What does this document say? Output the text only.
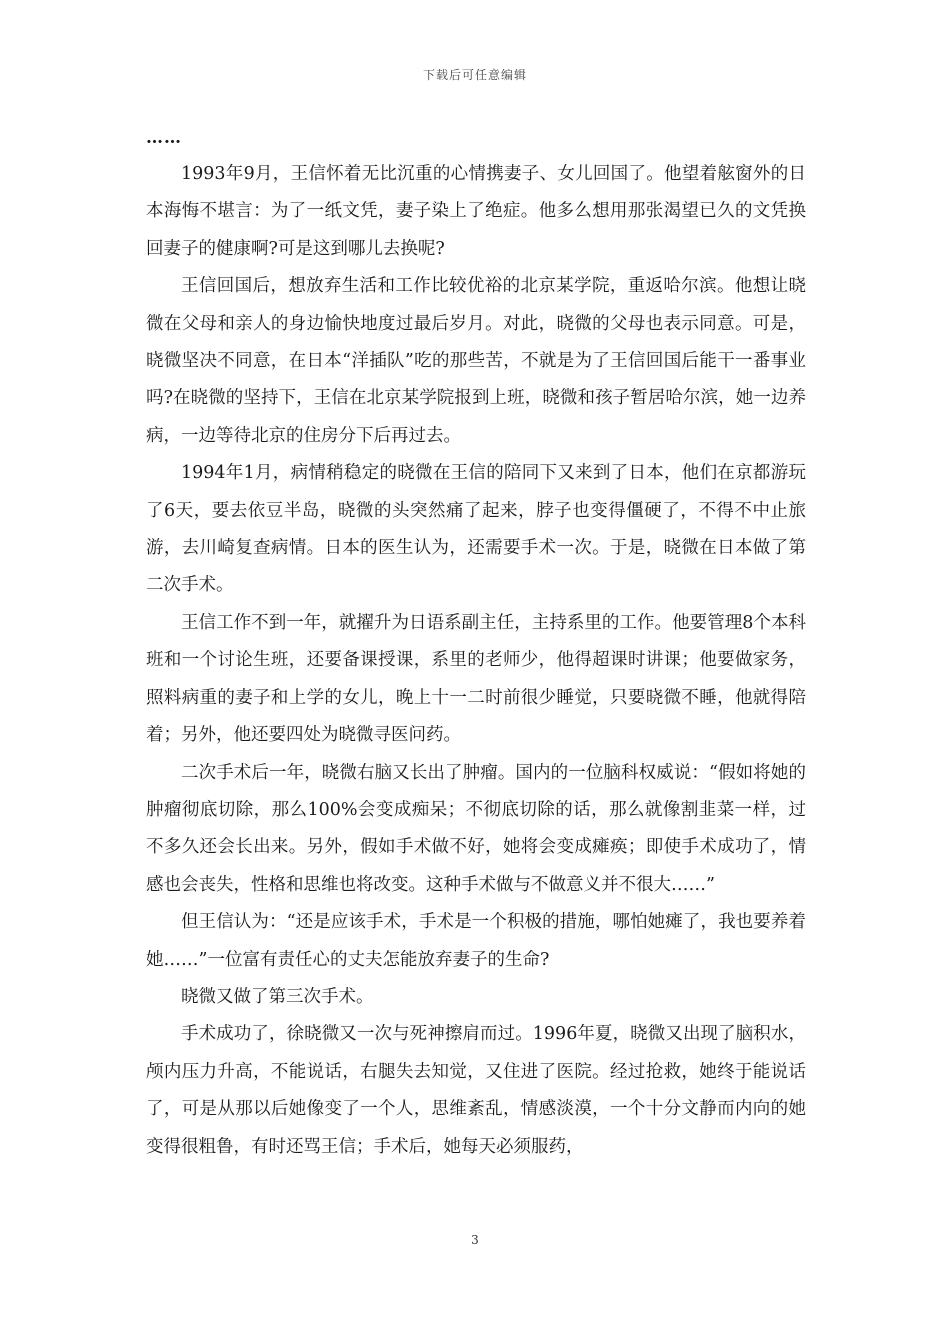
下载后可任意编辑

……

1993年9月，王信怀着无比沉重的心情携妻子、女儿回国了。他望着舷窗外的日本海悔不堪言：为了一纸文凭，妻子染上了绝症。他多么想用那张渴望已久的文凭换回妻子的健康啊?可是这到哪儿去换呢?

王信回国后，想放弃生活和工作比较优裕的北京某学院，重返哈尔滨。他想让晓微在父母和亲人的身边愉快地度过最后岁月。对此，晓微的父母也表示同意。可是，晓微坚决不同意，在日本“洋插队”吃的那些苦，不就是为了王信回国后能干一番事业吗?在晓微的坚持下，王信在北京某学院报到上班，晓微和孩子暂居哈尔滨，她一边养病，一边等待北京的住房分下后再过去。

1994年1月，病情稍稳定的晓微在王信的陪同下又来到了日本，他们在京都游玩了6天，要去依豆半岛，晓微的头突然痛了起来，脖子也变得僵硬了，不得不中止旅游，去川崎复查病情。日本的医生认为，还需要手术一次。于是，晓微在日本做了第二次手术。

王信工作不到一年，就擢升为日语系副主任，主持系里的工作。他要管理8个本科班和一个讨论生班，还要备课授课，系里的老师少，他得超课时讲课；他要做家务，照料病重的妻子和上学的女儿，晚上十一二时前很少睡觉，只要晓微不睡，他就得陪着；另外，他还要四处为晓微寻医问药。

二次手术后一年，晓微右脑又长出了肿瘤。国内的一位脑科权威说：“假如将她的肿瘤彻底切除，那么100%会变成痴呆；不彻底切除的话，那么就像割韭菜一样，过不多久还会长出来。另外，假如手术做不好，她将会变成瘫痪；即使手术成功了，情感也会丧失，性格和思维也将改变。这种手术做与不做意义并不很大……”

但王信认为：“还是应该手术，手术是一个积极的措施，哪怕她瘫了，我也要养着她……”一位富有责任心的丈夫怎能放弃妻子的生命?

晓微又做了第三次手术。

手术成功了，徐晓微又一次与死神擦肩而过。1996年夏，晓微又出现了脑积水，颅内压力升高，不能说话，右腿失去知觉，又住进了医院。经过抢救，她终于能说话了，可是从那以后她像变了一个人，思维紊乱，情感淡漠，一个十分文静而内向的她变得很粗鲁，有时还骂王信；手术后，她每天必须服药，

3
